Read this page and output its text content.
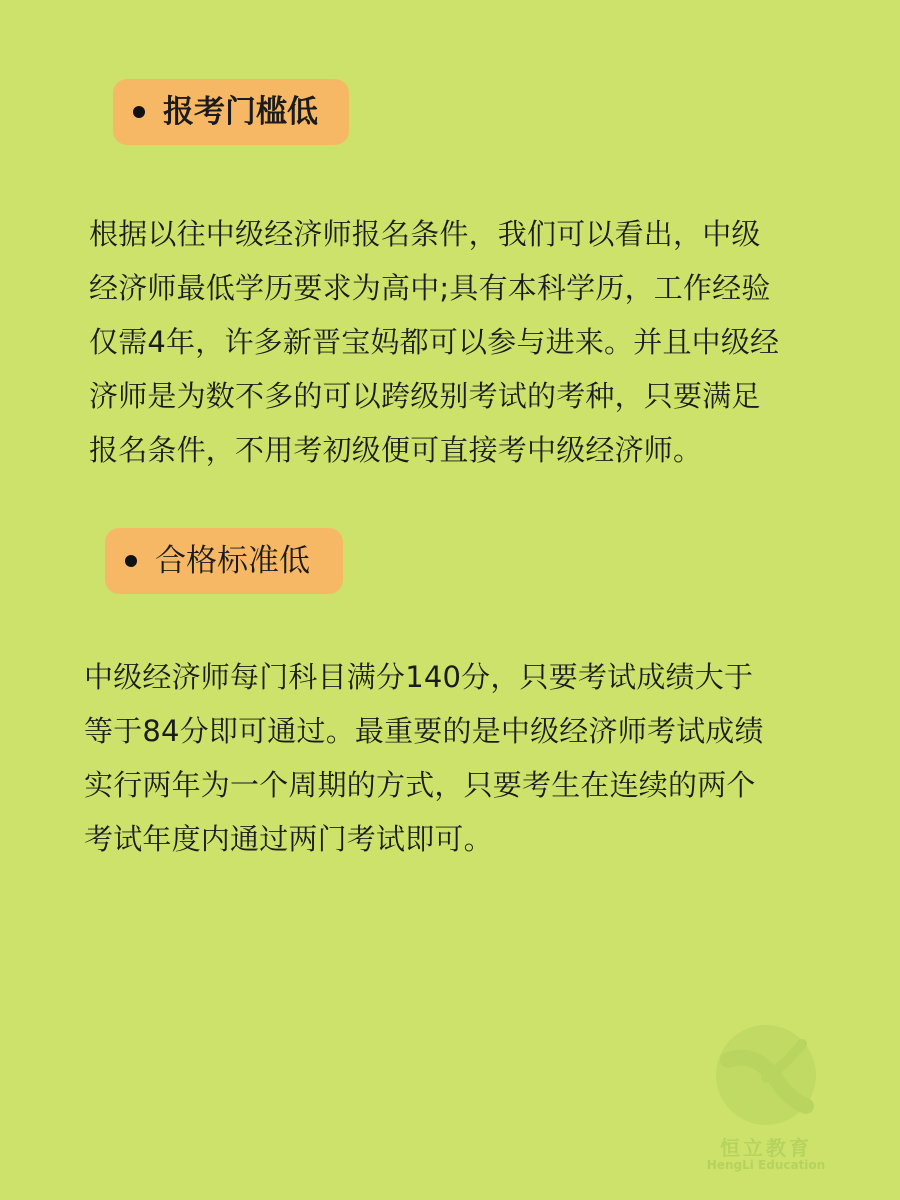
报考门槛低
根据以往中级经济师报名条件，我们可以看出，中级
经济师最低学历要求为高中;具有本科学历，工作经验
仅需4年，许多新晋宝妈都可以参与进来。并且中级经
济师是为数不多的可以跨级别考试的考种，只要满足
报名条件，不用考初级便可直接考中级经济师。
合格标准低
中级经济师每门科目满分140分，只要考试成绩大于
等于84分即可通过。最重要的是中级经济师考试成绩
实行两年为一个周期的方式，只要考生在连续的两个
考试年度内通过两门考试即可。
恒立教育
HengLi Education
